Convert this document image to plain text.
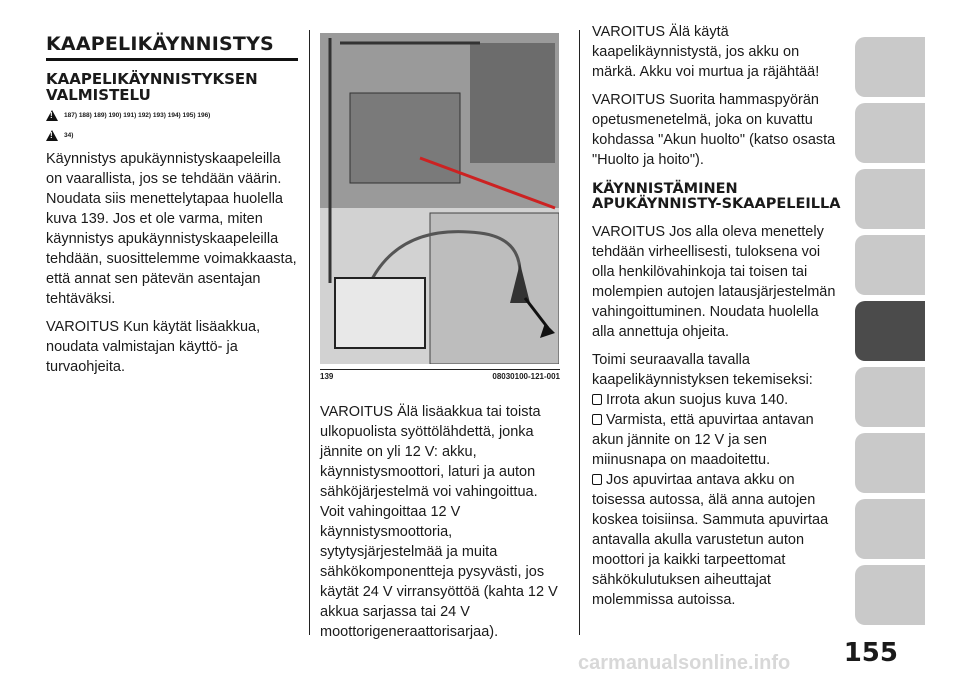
KAAPELIKÄYNNISTYS
KAAPELIKÄYNNISTYKSEN VALMISTELU
!
187) 188) 189) 190) 191) 192) 193) 194) 195) 196)
!
34)

Käynnistys apukäynnistyskaapeleilla on vaarallista, jos se tehdään väärin. Noudata siis menettelytapaa huolella kuva 139. Jos et ole varma, miten käynnistys apukäynnistyskaapeleilla tehdään, suosittelemme voimakkaasta, että annat sen pätevän asentajan tehtäväksi.

VAROITUS Kun käytät lisäakkua, noudata valmistajan käyttö- ja turvaohjeita.

139	08030100-121-001

VAROITUS Älä lisäakkua tai toista ulkopuolista syöttölähdettä, jonka jännite on yli 12 V: akku, käynnistysmoottori, laturi ja auton sähköjärjestelmä voi vahingoittua. Voit vahingoittaa 12 V käynnistysmoottoria, sytytysjärjestelmää ja muita sähkökomponentteja pysyvästi, jos käytät 24 V virransyöttöä (kahta 12 V akkua sarjassa tai 24 V moottorigeneraattorisarjaa).

VAROITUS Älä käytä kaapelikäynnistystä, jos akku on märkä. Akku voi murtua ja räjähtää!

VAROITUS Suorita hammaspyörän opetusmenetelmä, joka on kuvattu kohdassa "Akun huolto" (katso osasta "Huolto ja hoito").

KÄYNNISTÄMINEN APUKÄYNNISTY-SKAAPELEILLA

VAROITUS Jos alla oleva menettely tehdään virheellisesti, tuloksena voi olla henkilövahinkoja tai toisen tai molempien autojen latausjärjestelmän vahingoittuminen. Noudata huolella alla annettuja ohjeita.

Toimi seuraavalla tavalla kaapelikäynnistyksen tekemiseksi:

Irrota akun suojus kuva 140.
Varmista, että apuvirtaa antavan akun jännite on 12 V ja sen miinusnapa on maadoitettu.
Jos apuvirtaa antava akku on toisessa autossa, älä anna autojen koskea toisiinsa. Sammuta apuvirtaa antavalla akulla varustetun auton moottori ja kaikki tarpeettomat sähkökulutuksen aiheuttajat molemmissa autoissa.
155
carmanualsonline.info
